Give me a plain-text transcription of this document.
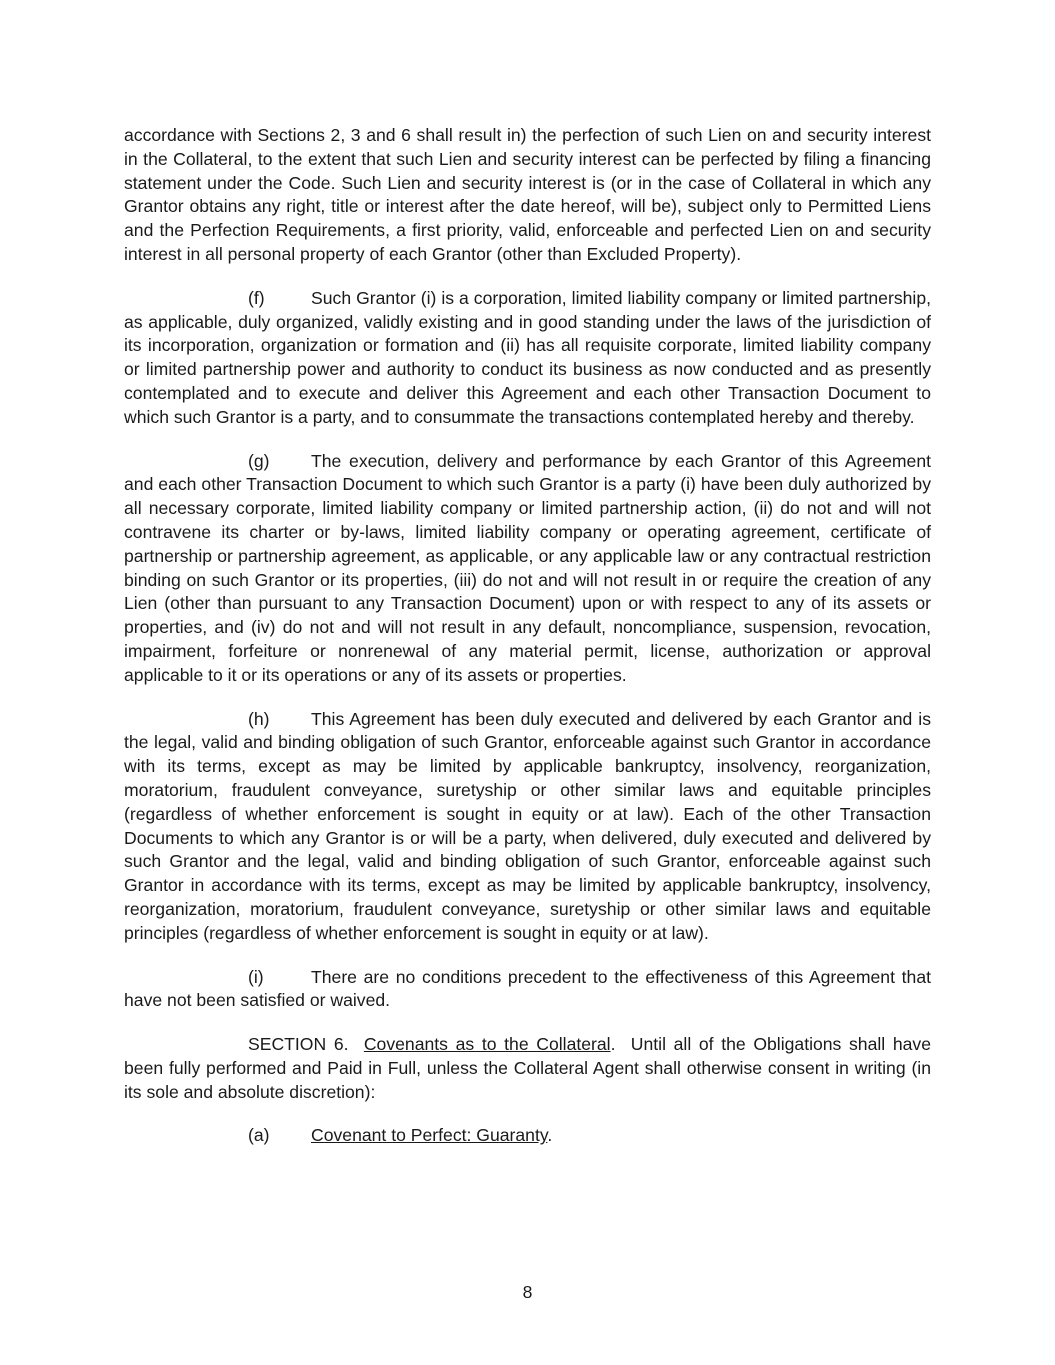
accordance with Sections 2, 3 and 6 shall result in) the perfection of such Lien on and security interest in the Collateral, to the extent that such Lien and security interest can be perfected by filing a financing statement under the Code. Such Lien and security interest is (or in the case of Collateral in which any Grantor obtains any right, title or interest after the date hereof, will be), subject only to Permitted Liens and the Perfection Requirements, a first priority, valid, enforceable and perfected Lien on and security interest in all personal property of each Grantor (other than Excluded Property).

(f)	Such Grantor (i) is a corporation, limited liability company or limited partnership, as applicable, duly organized, validly existing and in good standing under the laws of the jurisdiction of its incorporation, organization or formation and (ii) has all requisite corporate, limited liability company or limited partnership power and authority to conduct its business as now conducted and as presently contemplated and to execute and deliver this Agreement and each other Transaction Document to which such Grantor is a party, and to consummate the transactions contemplated hereby and thereby.

(g) The execution, delivery and performance by each Grantor of this Agreement and each other Transaction Document to which such Grantor is a party (i) have been duly authorized by all necessary corporate, limited liability company or limited partnership action, (ii) do not and will not contravene its charter or by-laws, limited liability company or operating agreement, certificate of partnership or partnership agreement, as applicable, or any applicable law or any contractual restriction binding on such Grantor or its properties, (iii) do not and will not result in or require the creation of any Lien (other than pursuant to any Transaction Document) upon or with respect to any of its assets or properties, and (iv) do not and will not result in any default, noncompliance, suspension, revocation, impairment, forfeiture or nonrenewal of any material permit, license, authorization or approval applicable to it or its operations or any of its assets or properties.

(h) This Agreement has been duly executed and delivered by each Grantor and is the legal, valid and binding obligation of such Grantor, enforceable against such Grantor in accordance with its terms, except as may be limited by applicable bankruptcy, insolvency, reorganization, moratorium, fraudulent conveyance, suretyship or other similar laws and equitable principles (regardless of whether enforcement is sought in equity or at law). Each of the other Transaction Documents to which any Grantor is or will be a party, when delivered, duly executed and delivered by such Grantor and the legal, valid and binding obligation of such Grantor, enforceable against such Grantor in accordance with its terms, except as may be limited by applicable bankruptcy, insolvency, reorganization, moratorium, fraudulent conveyance, suretyship or other similar laws and equitable principles (regardless of whether enforcement is sought in equity or at law).

(i)	There are no conditions precedent to the effectiveness of this Agreement that have not been satisfied or waived.

SECTION 6. Covenants as to the Collateral. Until all of the Obligations shall have been fully performed and Paid in Full, unless the Collateral Agent shall otherwise consent in writing (in its sole and absolute discretion):

(a) Covenant to Perfect: Guaranty.

8
